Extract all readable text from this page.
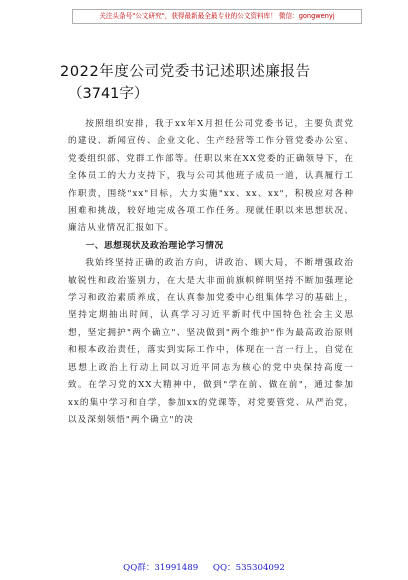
关注头条号"公文研究"，获得最新最全最专业的公文资料库！ 微信：gongwenyj
2022年度公司党委书记述职述廉报告
（3741字）

按照组织安排，我于xx年X月担任公司党委书记，主要负责党的建设、新闻宣传、企业文化、生产经营等工作分管党委办公室、党委组织部、党群工作部等。任职以来在XX党委的正确领导下，在全体员工的大力支持下，我与公司其他班子成员一道，认真履行工作职责，围绕"xx"目标，大力实施"xx、xx、xx"，积极应对各种困难和挑战，较好地完成各项工作任务。现就任职以来思想状况、廉洁从业情况汇报如下。

一、思想现状及政治理论学习情况

我始终坚持正确的政治方向，讲政治、顾大局，不断增强政治敏锐性和政治鉴别力，在大是大非面前旗帜鲜明坚持不断加强理论学习和政治素质养成，在认真参加党委中心组集体学习的基础上，坚持定期抽出时间，认真学习习近平新时代中国特色社会主义思想，坚定拥护"两个确立"、坚决做到"两个维护"作为最高政治原则和根本政治责任，落实到实际工作中，体现在一言一行上，自觉在思想上政治上行动上同以习近平同志为核心的党中央保持高度一致。在学习党的XX大精神中，做到"学在前、做在前"，通过参加xx的集中学习和自学，参加xx的党课等，对党要管党、从严治党，以及深刻领悟"两个确立"的决

QQ群：31991489 QQ：535304092
